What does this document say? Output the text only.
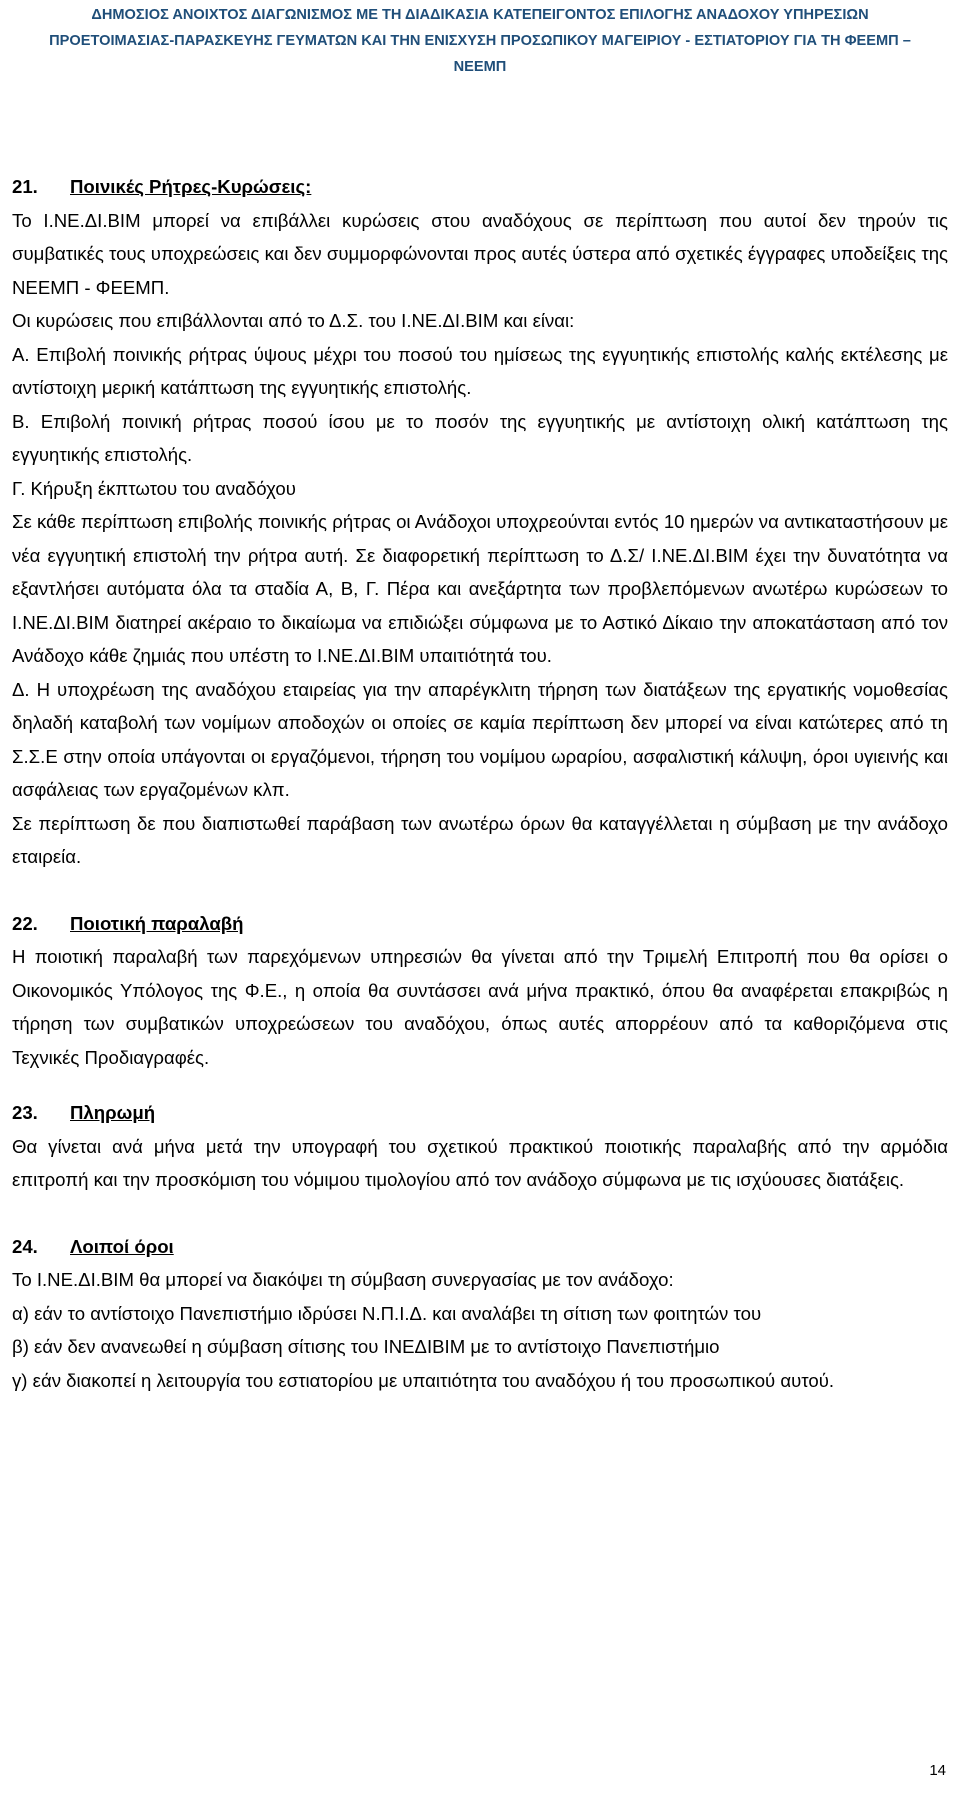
ΔΗΜΟΣΙΟΣ ΑΝΟΙΧΤΟΣ ΔΙΑΓΩΝΙΣΜΟΣ ΜΕ ΤΗ ΔΙΑΔΙΚΑΣΙΑ ΚΑΤΕΠΕΙΓΟΝΤΟΣ ΕΠΙΛΟΓΗΣ ΑΝΑΔΟΧΟΥ ΥΠΗΡΕΣΙΩΝ
ΠΡΟΕΤΟΙΜΑΣΙΑΣ-ΠΑΡΑΣΚΕΥΗΣ ΓΕΥΜΑΤΩΝ ΚΑΙ ΤΗΝ ΕΝΙΣΧΥΣΗ ΠΡΟΣΩΠΙΚΟΥ ΜΑΓΕΙΡΙΟΥ - ΕΣΤΙΑΤΟΡΙΟΥ ΓΙΑ ΤΗ ΦΕΕΜΠ –
ΝΕΕΜΠ

21. Ποινικές Ρήτρες-Κυρώσεις:

Το Ι.ΝΕ.ΔΙ.ΒΙΜ μπορεί να επιβάλλει κυρώσεις στου αναδόχους σε περίπτωση που αυτοί δεν τηρούν τις συμβατικές τους υποχρεώσεις και δεν συμμορφώνονται προς αυτές ύστερα από σχετικές έγγραφες υποδείξεις της ΝΕΕΜΠ - ΦΕΕΜΠ.

Οι κυρώσεις που επιβάλλονται από το Δ.Σ. του Ι.ΝΕ.ΔΙ.ΒΙΜ και είναι:

Α. Επιβολή ποινικής ρήτρας ύψους μέχρι του ποσού του ημίσεως της εγγυητικής επιστολής καλής εκτέλεσης με αντίστοιχη μερική κατάπτωση της εγγυητικής επιστολής.

Β. Επιβολή ποινική ρήτρας ποσού ίσου με το ποσόν της εγγυητικής με αντίστοιχη ολική κατάπτωση της εγγυητικής επιστολής.

Γ. Κήρυξη έκπτωτου του αναδόχου

Σε κάθε περίπτωση επιβολής ποινικής ρήτρας οι Ανάδοχοι υποχρεούνται εντός 10 ημερών να αντικαταστήσουν με νέα εγγυητική επιστολή την ρήτρα αυτή. Σε διαφορετική περίπτωση το Δ.Σ/ Ι.ΝΕ.ΔΙ.ΒΙΜ έχει την δυνατότητα να εξαντλήσει αυτόματα όλα τα σταδία Α, Β, Γ. Πέρα και ανεξάρτητα των προβλεπόμενων ανωτέρω κυρώσεων το Ι.ΝΕ.ΔΙ.ΒΙΜ διατηρεί ακέραιο το δικαίωμα να επιδιώξει σύμφωνα με το Αστικό Δίκαιο την αποκατάσταση από τον Ανάδοχο κάθε ζημιάς που υπέστη το Ι.ΝΕ.ΔΙ.ΒΙΜ υπαιτιότητά του.

Δ. Η υποχρέωση της αναδόχου εταιρείας για την απαρέγκλιτη τήρηση των διατάξεων της εργατικής νομοθεσίας δηλαδή καταβολή των νομίμων αποδοχών οι οποίες σε καμία περίπτωση δεν μπορεί να είναι κατώτερες από τη Σ.Σ.Ε στην οποία υπάγονται οι εργαζόμενοι, τήρηση του νομίμου ωραρίου, ασφαλιστική κάλυψη, όροι υγιεινής και ασφάλειας των εργαζομένων κλπ.

Σε περίπτωση δε που διαπιστωθεί παράβαση των ανωτέρω όρων θα καταγγέλλεται η σύμβαση με την ανάδοχο εταιρεία.

22. Ποιοτική παραλαβή

Η ποιοτική παραλαβή των παρεχόμενων υπηρεσιών θα γίνεται από την Τριμελή Επιτροπή που θα ορίσει ο Οικονομικός Υπόλογος της Φ.Ε., η οποία θα συντάσσει ανά μήνα πρακτικό, όπου θα αναφέρεται επακριβώς η τήρηση των συμβατικών υποχρεώσεων του αναδόχου, όπως αυτές απορρέουν από τα καθοριζόμενα στις Τεχνικές Προδιαγραφές.

23. Πληρωμή

Θα γίνεται ανά μήνα μετά την υπογραφή του σχετικού πρακτικού ποιοτικής παραλαβής από την αρμόδια επιτροπή και την προσκόμιση του νόμιμου τιμολογίου από τον ανάδοχο σύμφωνα με τις ισχύουσες διατάξεις.

24. Λοιποί όροι

Το Ι.ΝΕ.ΔΙ.ΒΙΜ θα μπορεί να διακόψει τη σύμβαση συνεργασίας με τον ανάδοχο:

α) εάν το αντίστοιχο Πανεπιστήμιο ιδρύσει Ν.Π.Ι.Δ. και αναλάβει τη σίτιση των φοιτητών του

β) εάν δεν ανανεωθεί η σύμβαση σίτισης του ΙΝΕΔΙΒΙΜ με το αντίστοιχο Πανεπιστήμιο

γ) εάν διακοπεί η λειτουργία του εστιατορίου με υπαιτιότητα του αναδόχου ή του προσωπικού αυτού.

14
